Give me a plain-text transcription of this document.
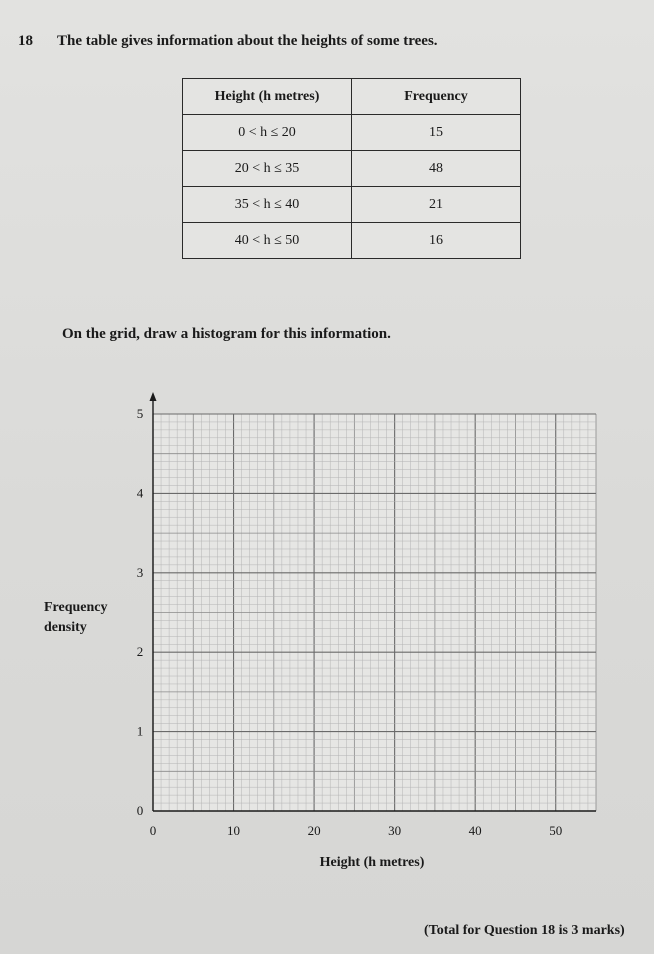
18 The table gives information about the heights of some trees.
Height (h metres)	Frequency
0 < h ≤ 20	15
20 < h ≤ 35	48
35 < h ≤ 40	21
40 < h ≤ 50	16
On the grid, draw a histogram for this information.
0	10	20	30	40	50
0
1
2
3
4
5
Height (h metres)
Frequency
density
(Total for Question 18 is 3 marks)
